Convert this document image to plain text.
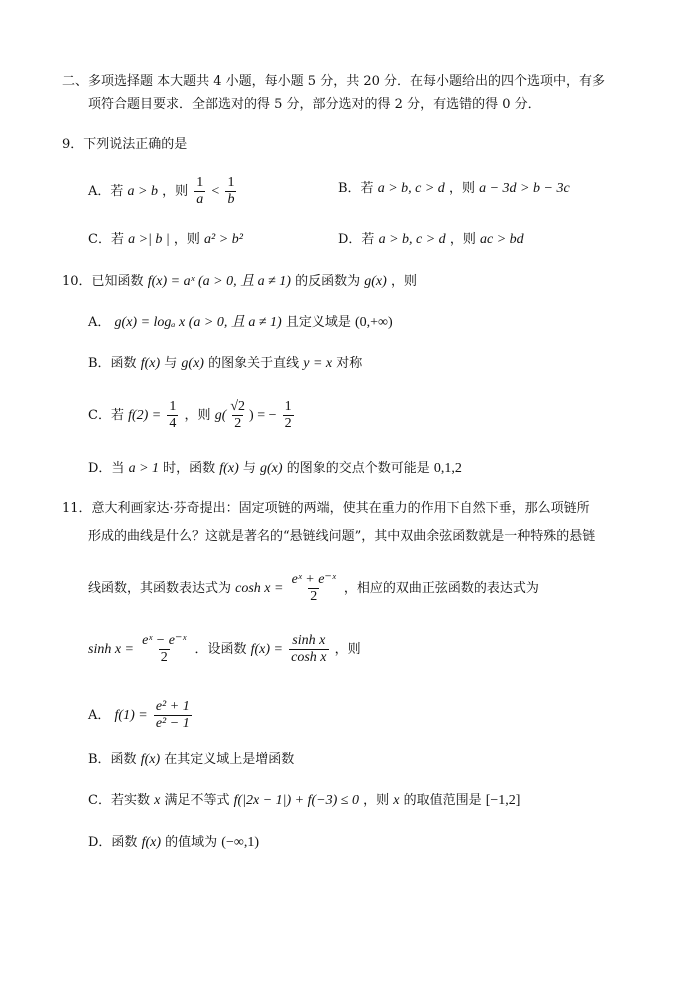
二、多项选择题 本大题共 4 小题，每小题 5 分，共 20 分．在每小题给出的四个选项中，有多
项符合题目要求．全部选对的得 5 分，部分选对的得 2 分，有选错的得 0 分．
9．下列说法正确的是
A．若 a > b ，则 $\frac{1}{a} < \frac{1}{b}$	B．若 a > b, c > d ，则 a − 3d > b − 3c
C．若 a >| b | ，则 a² > b²	D．若 a > b, c > d ，则 ac > bd
10．已知函数 f(x) = aˣ (a > 0, 且 a ≠ 1) 的反函数为 g(x) ，则
A． g(x) = logₐ x (a > 0, 且 a ≠ 1) 且定义域是 (0,+∞)
B．函数 f(x) 与 g(x) 的图象关于直线 y = x 对称
C．若 $f(2) = \frac{1}{4}$ ，则 $g( \frac{√2}{2}$ ) = − $\frac{1}{2}$
D．当 a > 1 时，函数 f(x) 与 g(x) 的图象的交点个数可能是 0,1,2
11．意大利画家达·芬奇提出：固定项链的两端，使其在重力的作用下自然下垂，那么项链所
形成的曲线是什么？这就是著名的“悬链线问题”，其中双曲余弦函数就是一种特殊的悬链
线函数，其函数表达式为 $\cosh x = \frac{\text{eˣ + e⁻ˣ}}{2}$ ，相应的双曲正弦函数的表达式为
$\sinh x = \frac{\text{eˣ − e⁻ˣ}}{2}$ ．设函数 $f(x) = \frac{\text{sinh x}}{\text{cosh x}}$ ，则
A． $f(1) = \frac{\text{e² + 1}}{\text{e² − 1}}$
B．函数 f(x) 在其定义域上是增函数
C．若实数 x 满足不等式 f(|2x − 1|) + f(−3) ≤ 0 ，则 x 的取值范围是 [−1,2]
D．函数 f(x) 的值域为 (−∞,1)
